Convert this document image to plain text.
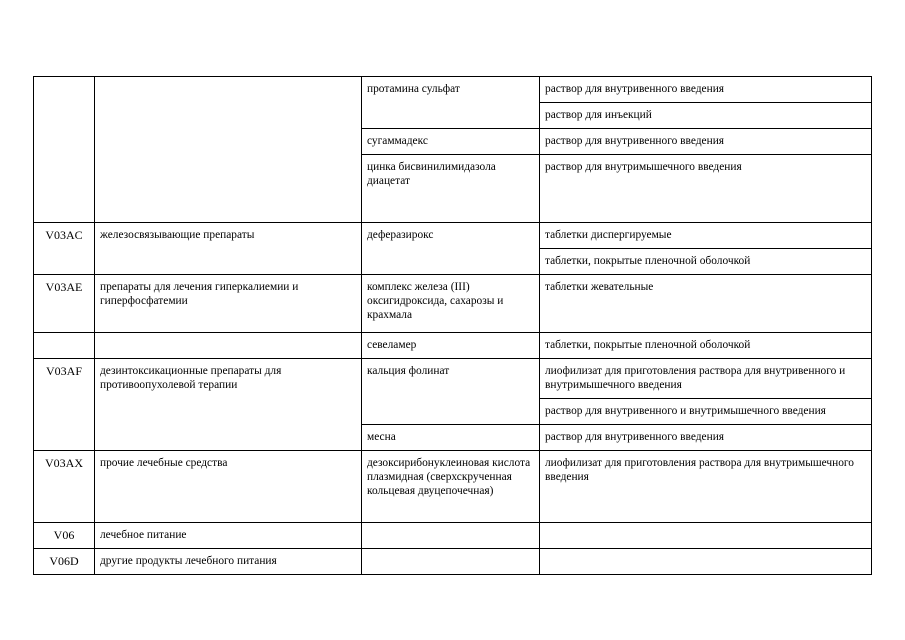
		протамина сульфат	раствор для внутривенного введения
			раствор для инъекций
		сугаммадекс	раствор для внутривенного введения
		цинка бисвинилимидазола диацетат	раствор для внутримышечного введения
V03AC	железосвязывающие препараты	деферазирокс	таблетки диспергируемые
			таблетки, покрытые пленочной оболочкой
V03AE	препараты для лечения гиперкалиемии и гиперфосфатемии	комплекс железа (III) оксигидроксида, сахарозы и крахмала	таблетки жевательные
		севеламер	таблетки, покрытые пленочной оболочкой
V03AF	дезинтоксикационные препараты для противоопухолевой терапии	кальция фолинат	лиофилизат для приготовления раствора для внутривенного и внутримышечного введения
			раствор для внутривенного и внутримышечного введения
		месна	раствор для внутривенного введения
V03AX	прочие лечебные средства	дезоксирибонуклеиновая кислота плазмидная (сверхскрученная кольцевая двуцепочечная)	лиофилизат для приготовления раствора для внутримышечного введения
V06	лечебное питание		
V06D	другие продукты лечебного питания		
